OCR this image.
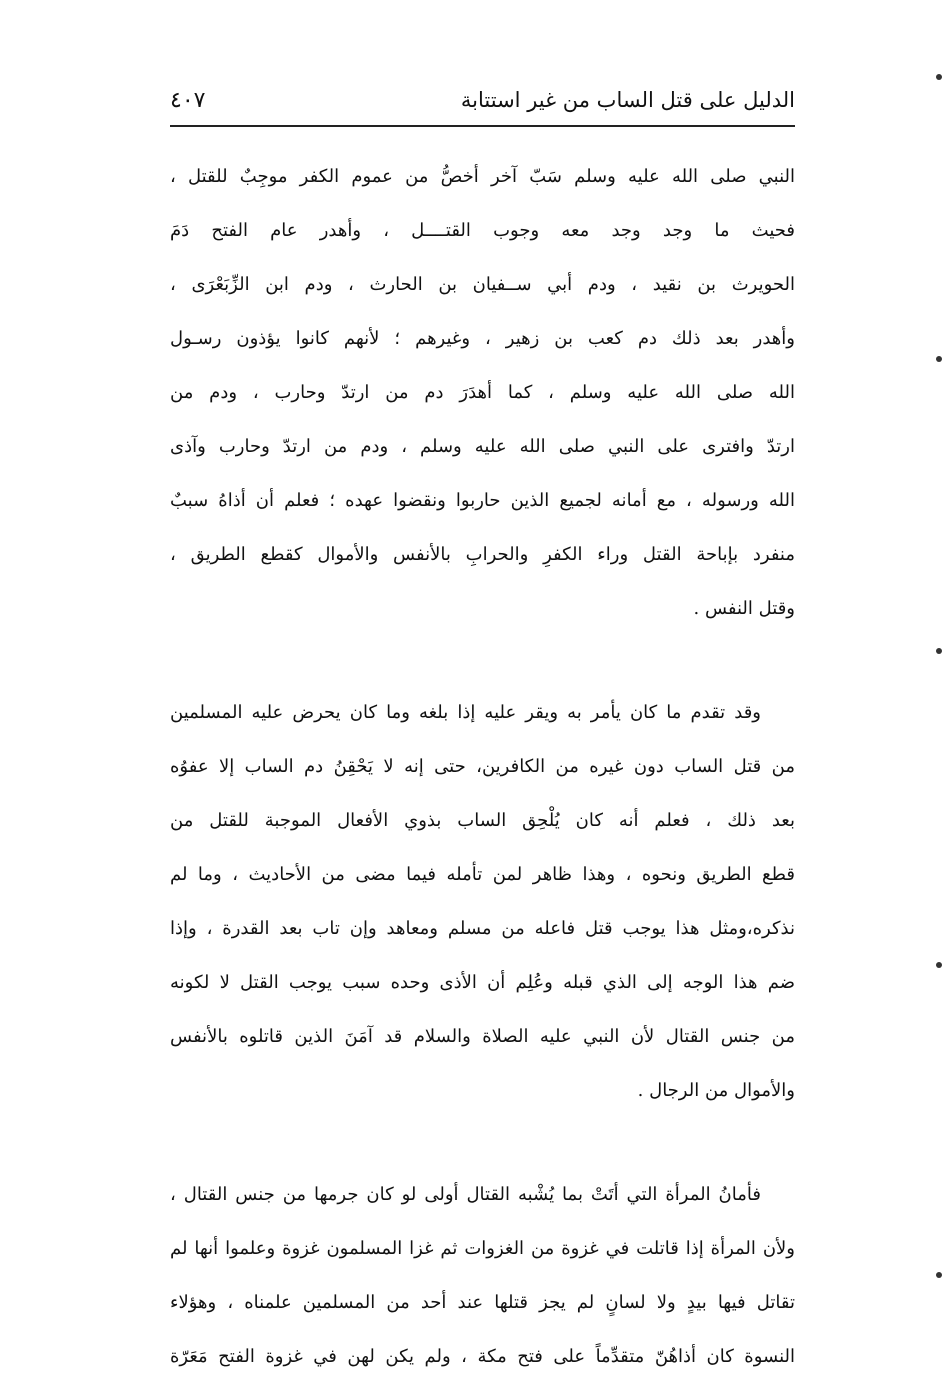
الدليل على قتل الساب من غير استتابة
٤٠٧
النبي صلى الله عليه وسلم سَبّ آخر أخصُّ من عموم الكفر موجِبٌ للقتل ،
فحيث ما وجد وجد معه وجوب القتــــل ، وأهدر عام الفتح دَمَ
الحويرث بن نقيد ، ودم أبي ســفيان بن الحارث ، ودم ابن الزِّبَعْرَى ،
وأهدر بعد ذلك دم كعب بن زهير ، وغيرهم ؛ لأنهم كانوا يؤذون رسـول
الله صلى الله عليه وسلم ، كما أهدَرَ دم من ارتدّ وحارب ، ودم من
ارتدّ وافترى على النبي صلى الله عليه وسلم ، ودم من ارتدّ وحارب وآذى
الله ورسوله ، مع أمانه لجميع الذين حاربوا ونقضوا عهده ؛ فعلم أن أذاهُ سببٌ
منفرد بإباحة القتل وراء الكفرِ والحرابِ بالأنفس والأموال كقطع الطريق ،
وقتل النفس .
وقد تقدم ما كان يأمر به ويقر عليه إذا بلغه وما كان يحرض عليه المسلمين
من قتل الساب دون غيره من الكافرين، حتى إنه لا يَحْقِنُ دم الساب إلا عفوُه
بعد ذلك ، فعلم أنه كان يُلْحِق الساب بذوي الأفعال الموجبة للقتل من
قطع الطريق ونحوه ، وهذا ظاهر لمن تأمله فيما مضى من الأحاديث ، وما لم
نذكره،ومثل هذا يوجب قتل فاعله من مسلم ومعاهد وإن تاب بعد القدرة ، وإذا
ضم هذا الوجه إلى الذي قبله وعُلِم أن الأذى وحده سبب يوجب القتل لا لكونه
من جنس القتال لأن النبي عليه الصلاة والسلام قد آمَنَ الذين قاتلوه بالأنفس
والأموال من الرجال .
فأمانُ المرأة التي أتَتْ بما يُشْبه القتال أولى لو كان جرمها من جنس القتال ،
ولأن المرأة إذا قاتلت في غزوة من الغزوات ثم غزا المسلمون غزوة وعلموا أنها لم
تقاتل فيها بيدٍ ولا لسانٍ لم يجز قتلها عند أحد من المسلمين علمناه ، وهؤلاء
النسوة كان أذاهُنّ متقدِّماً على فتح مكة ، ولم يكن لهن في غزوة الفتح مَعَرّة
